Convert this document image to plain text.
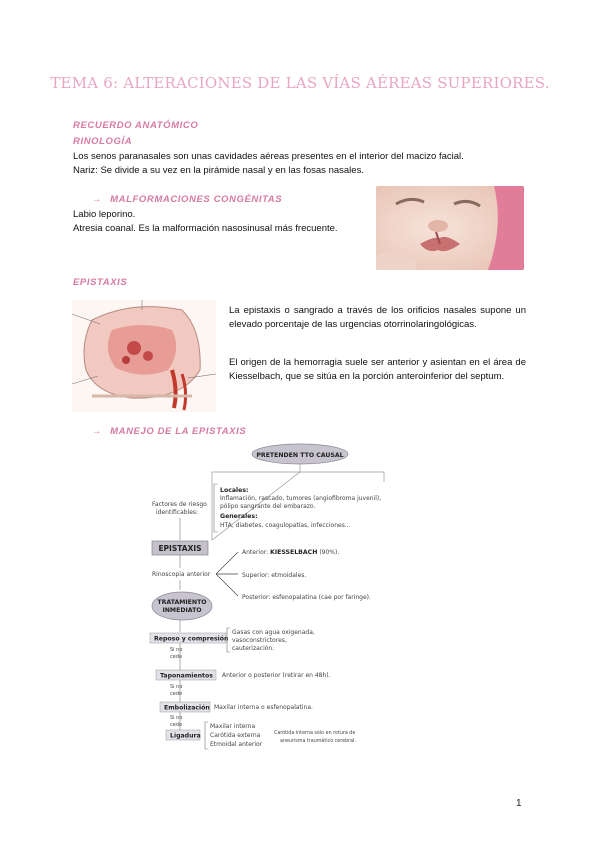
TEMA 6: ALTERACIONES DE LAS VÍAS AÉREAS SUPERIORES.
RECUERDO ANATÓMICO
RINOLOGÍA
Los senos paranasales son unas cavidades aéreas presentes en el interior del macizo facial.
Nariz: Se divide a su vez en la pirámide nasal y en las fosas nasales.
→ MALFORMACIONES CONGÉNITAS
Labio leporino.
Atresia coanal. Es la malformación nasosinusal más frecuente.
EPISTAXIS
La epistaxis o sangrado a través de los orificios nasales supone un elevado porcentaje de las urgencias otorrinolaringológicas.
El origen de la hemorragia suele ser anterior y asientan en el área de Kiesselbach, que se sitúa en la porción anteroinferior del septum.
→ MANEJO DE LA EPISTAXIS
PRETENDEN TTO CAUSAL
Factores de riesgo
identificables:
Locales:
Inflamación, rascado, tumores (angiofibroma juvenil),
pólipo sangrante del embarazo.
Generales:
HTA, diabetes, coagulopatías, infecciones...
EPISTAXIS
Rinoscopia anterior
Anterior: KIESSELBACH (90%).
Superior: etmoidales.
Posterior: esfenopalatina (cae por faringe).
TRATAMIENTO
INMEDIATO
Reposo y compresión
Gasas con agua oxigenada,
vasoconstrictores,
cauterización.
Si no
cede
Taponamientos Anterior o posterior (retirar en 48h).
Si no
cede
Embolización Maxilar interna o esfenopalatina.
Si no
cede
Ligadura
Maxilar interna
Carótida externa
Etmoidal anterior
Carótida interna sólo en rotura de
aneurisma traumático cerebral.
1
